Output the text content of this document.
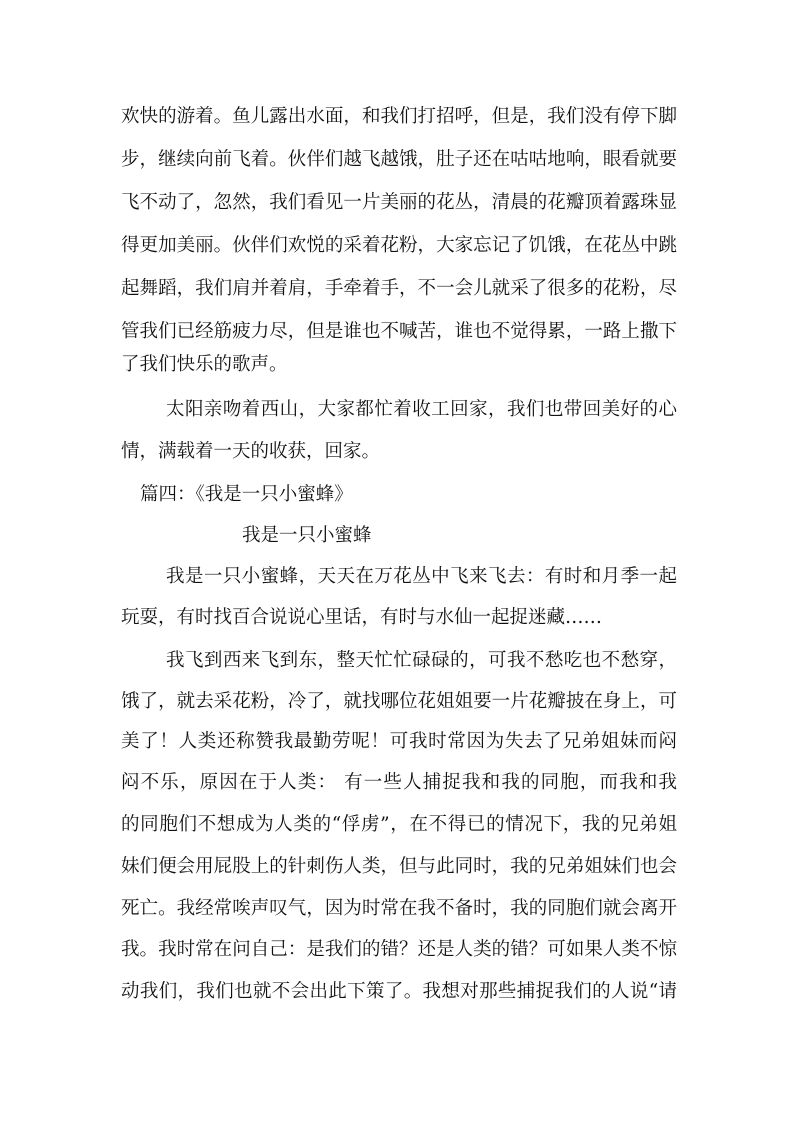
欢快的游着。鱼儿露出水面，和我们打招呼，但是，我们没有停下脚
步，继续向前飞着。伙伴们越飞越饿，肚子还在咕咕地响，眼看就要
飞不动了，忽然，我们看见一片美丽的花丛，清晨的花瓣顶着露珠显
得更加美丽。伙伴们欢悦的采着花粉，大家忘记了饥饿，在花丛中跳
起舞蹈，我们肩并着肩，手牵着手，不一会儿就采了很多的花粉，尽
管我们已经筋疲力尽，但是谁也不喊苦，谁也不觉得累，一路上撒下
了我们快乐的歌声。
太阳亲吻着西山，大家都忙着收工回家，我们也带回美好的心
情，满载着一天的收获，回家。
篇四：《我是一只小蜜蜂》
我是一只小蜜蜂
我是一只小蜜蜂，天天在万花丛中飞来飞去：有时和月季一起
玩耍，有时找百合说说心里话，有时与水仙一起捉迷藏……
我飞到西来飞到东，整天忙忙碌碌的，可我不愁吃也不愁穿，
饿了，就去采花粉，冷了，就找哪位花姐姐要一片花瓣披在身上，可
美了！人类还称赞我最勤劳呢！可我时常因为失去了兄弟姐妹而闷
闷不乐，原因在于人类： 有一些人捕捉我和我的同胞，而我和我
的同胞们不想成为人类的“俘虏”，在不得已的情况下，我的兄弟姐
妹们便会用屁股上的针刺伤人类，但与此同时，我的兄弟姐妹们也会
死亡。我经常唉声叹气，因为时常在我不备时，我的同胞们就会离开
我。我时常在问自己：是我们的错？还是人类的错？可如果人类不惊
动我们，我们也就不会出此下策了。我想对那些捕捉我们的人说“请
